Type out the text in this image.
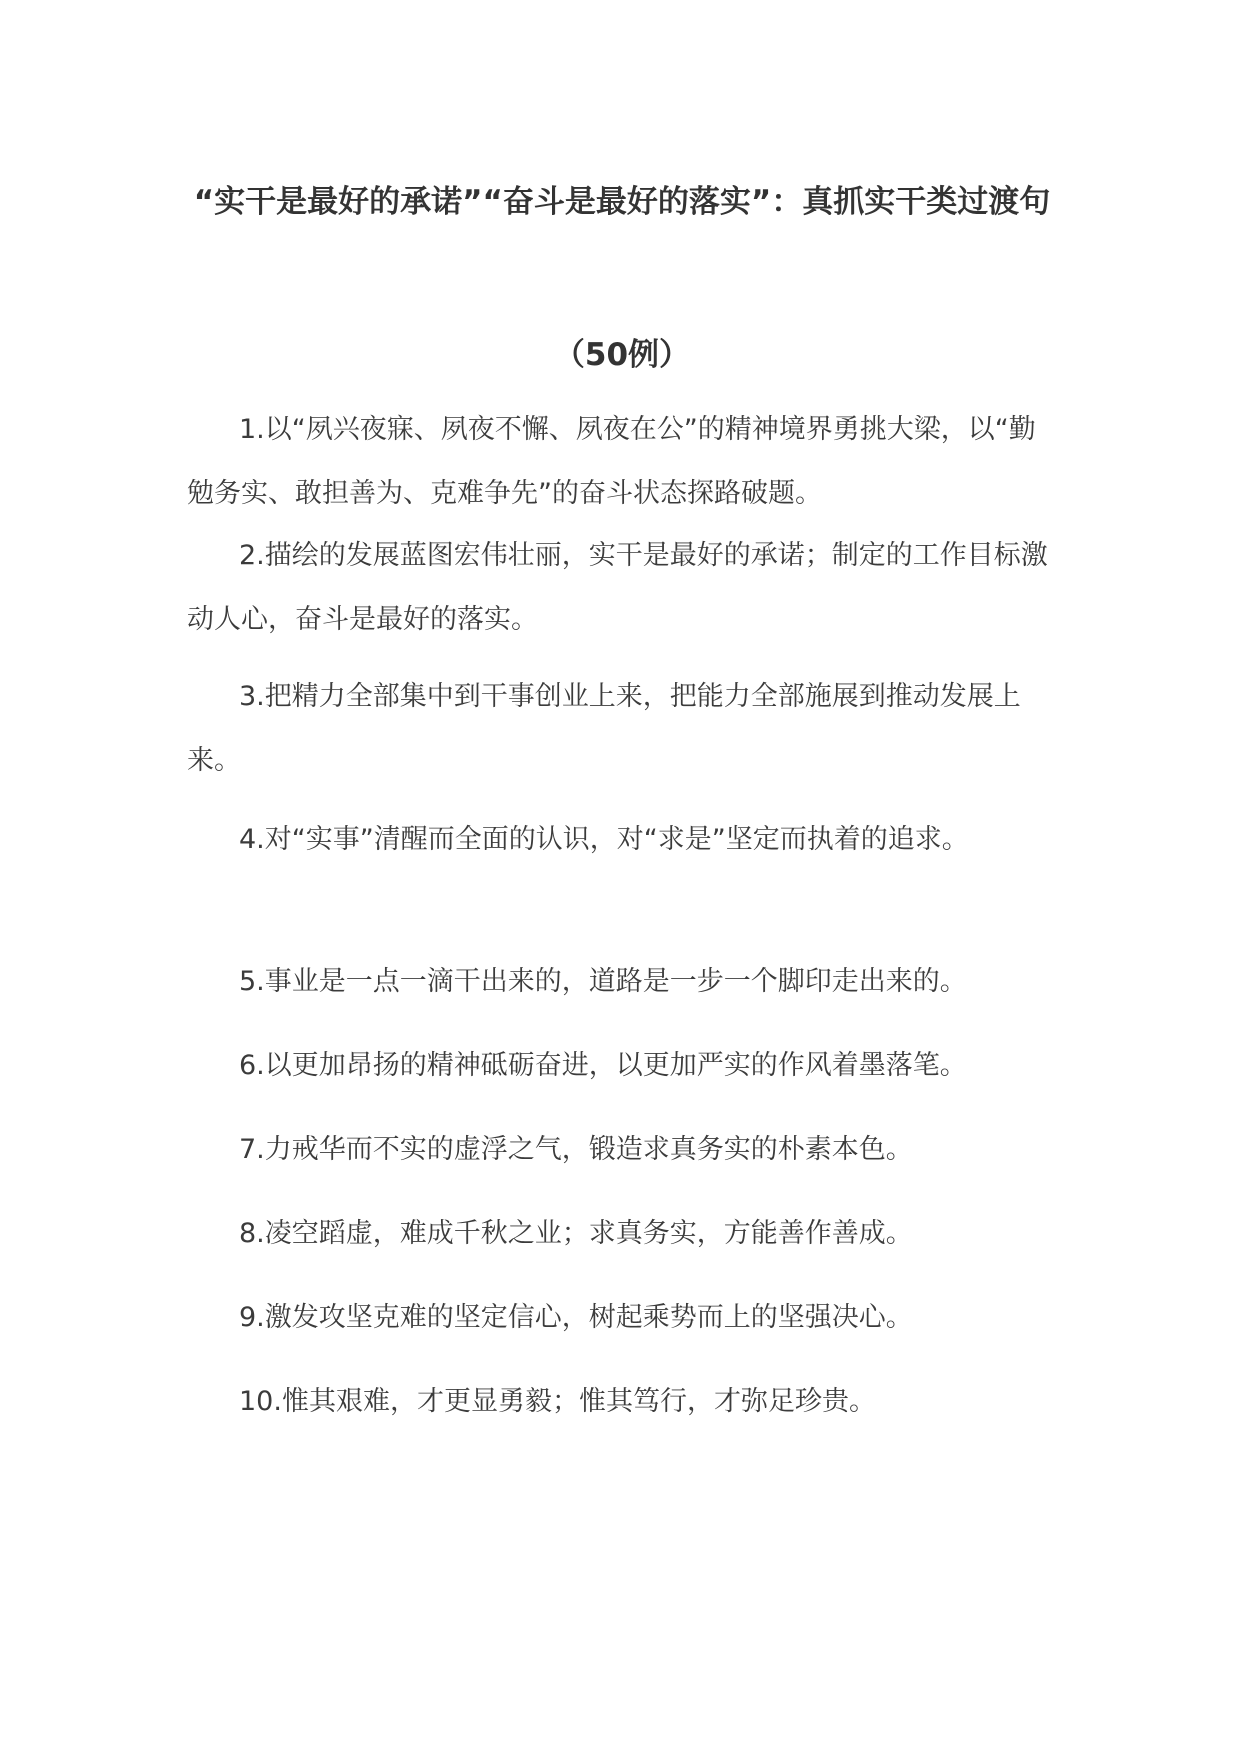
“实干是最好的承诺”“奋斗是最好的落实”：真抓实干类过渡句

（50例）

1.以“夙兴夜寐、夙夜不懈、夙夜在公”的精神境界勇挑大梁，以“勤勉务实、敢担善为、克难争先”的奋斗状态探路破题。

2.描绘的发展蓝图宏伟壮丽，实干是最好的承诺；制定的工作目标激动人心，奋斗是最好的落实。

3.把精力全部集中到干事创业上来，把能力全部施展到推动发展上来。

4.对“实事”清醒而全面的认识，对“求是”坚定而执着的追求。

5.事业是一点一滴干出来的，道路是一步一个脚印走出来的。

6.以更加昂扬的精神砥砺奋进，以更加严实的作风着墨落笔。

7.力戒华而不实的虚浮之气，锻造求真务实的朴素本色。

8.凌空蹈虚，难成千秋之业；求真务实，方能善作善成。

9.激发攻坚克难的坚定信心，树起乘势而上的坚强决心。

10.惟其艰难，才更显勇毅；惟其笃行，才弥足珍贵。
